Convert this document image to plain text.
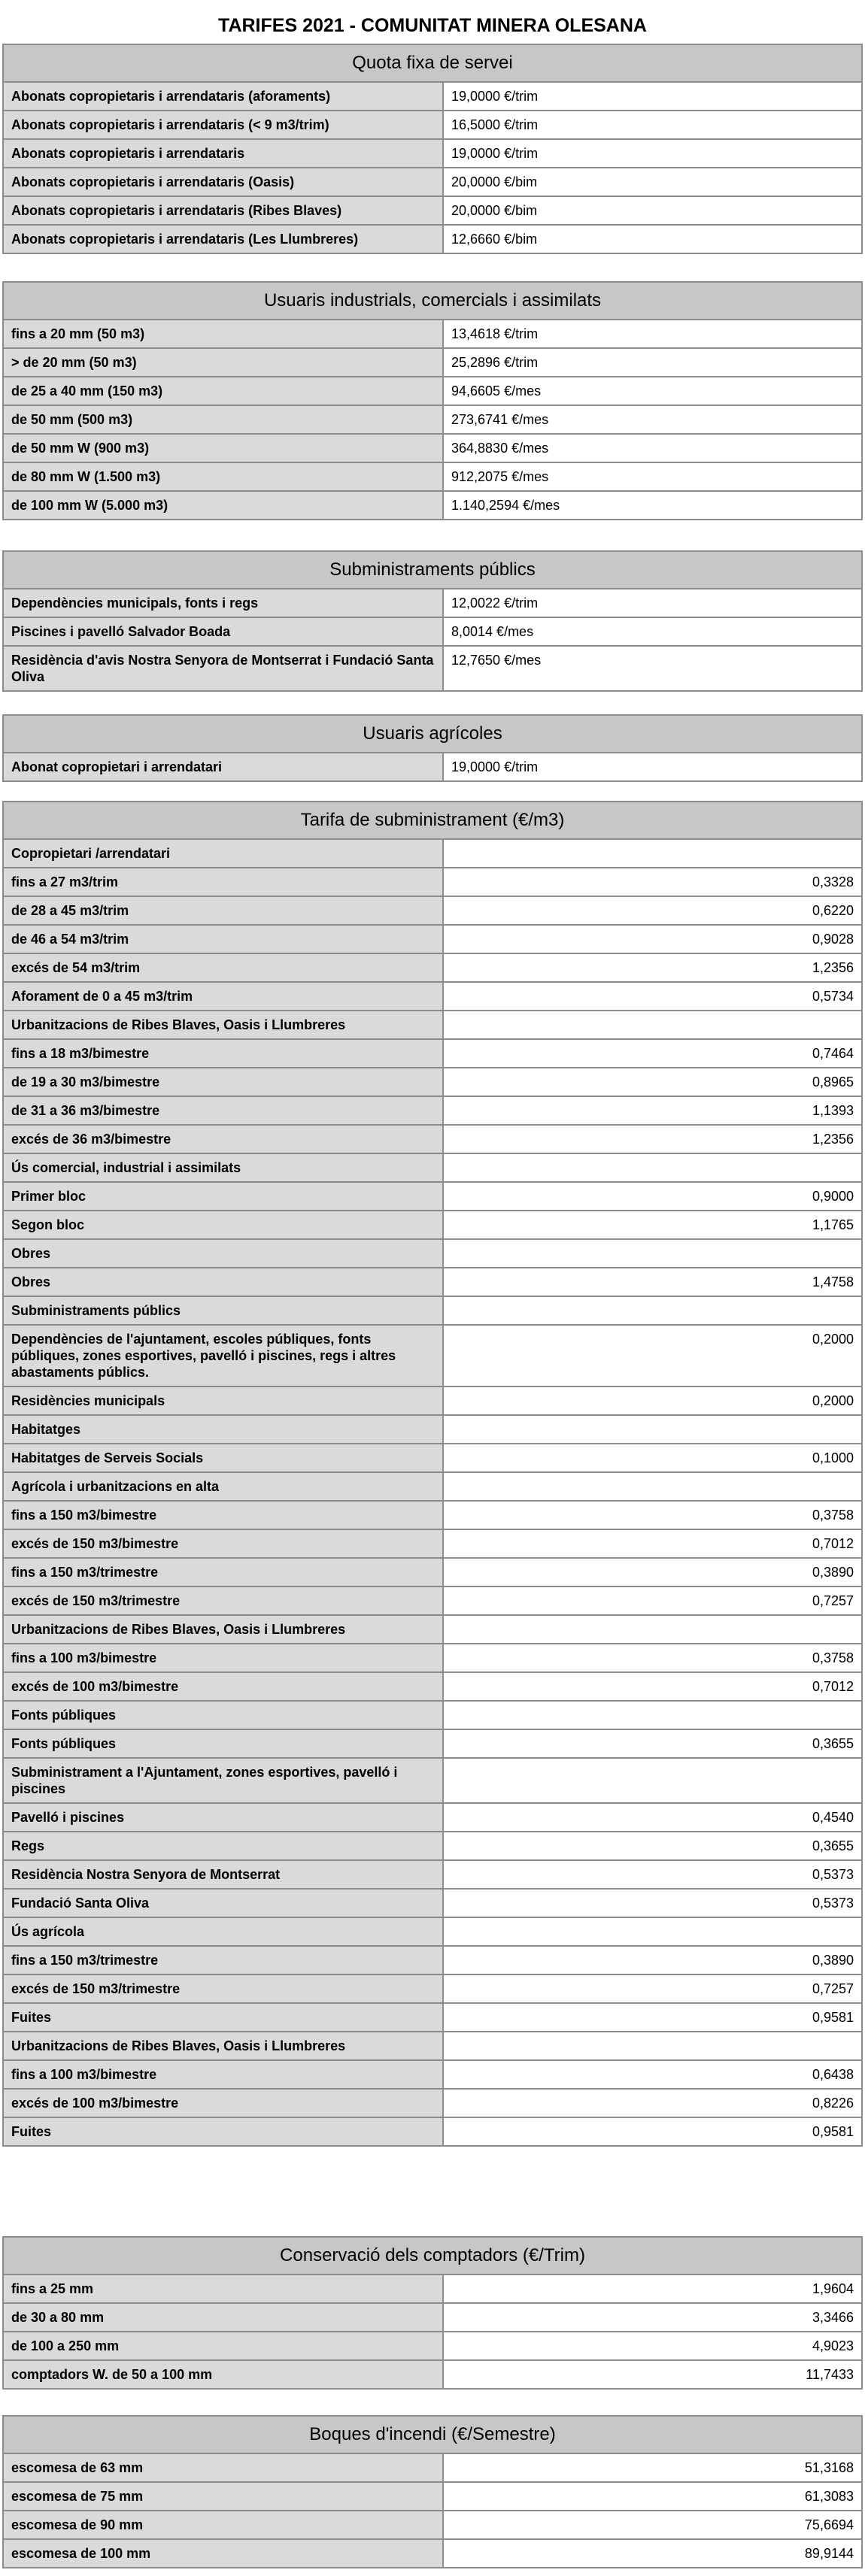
TARIFES 2021 - COMUNITAT MINERA OLESANA
Quota fixa de servei	
Abonats copropietaris i arrendataris (aforaments)	19,0000 €/trim
Abonats copropietaris i arrendataris (< 9 m3/trim)	16,5000 €/trim
Abonats copropietaris i arrendataris	19,0000 €/trim
Abonats copropietaris i arrendataris (Oasis)	20,0000 €/bim
Abonats copropietaris i arrendataris (Ribes Blaves)	20,0000 €/bim
Abonats copropietaris i arrendataris (Les Llumbreres)	12,6660 €/bim
Usuaris industrials, comercials i assimilats	
fins a 20 mm (50 m3)	13,4618 €/trim
> de 20 mm (50 m3)	25,2896 €/trim
de 25 a 40 mm (150 m3)	94,6605 €/mes
de 50 mm (500 m3)	273,6741 €/mes
de 50 mm W (900 m3)	364,8830 €/mes
de 80 mm W (1.500 m3)	912,2075 €/mes
de 100 mm W (5.000 m3)	1.140,2594 €/mes
Subministraments públics	
Dependències municipals, fonts i regs	12,0022 €/trim
Piscines i pavelló Salvador Boada	8,0014 €/mes
Residència d'avis Nostra Senyora de Montserrat i Fundació Santa Oliva	12,7650 €/mes
Usuaris agrícoles
Abonat copropietari i arrendatari	19,0000 €/trim
Tarifa de subministrament (€/m3)	
Copropietari /arrendatari	
fins a 27 m3/trim	0,3328
de 28 a 45 m3/trim	0,6220
de 46 a 54 m3/trim	0,9028
excés de 54 m3/trim	1,2356
Aforament de 0 a 45 m3/trim	0,5734
Urbanitzacions de Ribes Blaves, Oasis i Llumbreres	
fins a 18 m3/bimestre	0,7464
de 19 a 30 m3/bimestre	0,8965
de 31 a 36 m3/bimestre	1,1393
excés de 36 m3/bimestre	1,2356
Ús comercial, industrial i assimilats	
Primer bloc	0,9000
Segon bloc	1,1765
Obres	
Obres	1,4758
Subministraments públics	
Dependències de l'ajuntament, escoles públiques, fonts públiques, zones esportives, pavelló i piscines, regs i altres abastaments públics.	0,2000
Residències municipals	0,2000
Habitatges	
Habitatges de Serveis Socials	0,1000
Agrícola i urbanitzacions en alta	
fins a 150 m3/bimestre	0,3758
excés de 150 m3/bimestre	0,7012
fins a 150 m3/trimestre	0,3890
excés de 150 m3/trimestre	0,7257
Urbanitzacions de Ribes Blaves, Oasis i Llumbreres	
fins a 100 m3/bimestre	0,3758
excés de 100 m3/bimestre	0,7012
Fonts públiques	
Fonts públiques	0,3655
Subministrament a l'Ajuntament, zones esportives, pavelló i piscines	
Pavelló i piscines	0,4540
Regs	0,3655
Residència Nostra Senyora de Montserrat	0,5373
Fundació Santa Oliva	0,5373
Ús agrícola	
fins a 150 m3/trimestre	0,3890
excés de 150 m3/trimestre	0,7257
Fuites	0,9581
Urbanitzacions de Ribes Blaves, Oasis i Llumbreres	
fins a 100 m3/bimestre	0,6438
excés de 100 m3/bimestre	0,8226
Fuites	0,9581
Conservació dels comptadors (€/Trim)	
fins a 25 mm	1,9604
de 30 a 80 mm	3,3466
de 100 a 250 mm	4,9023
comptadors W. de 50 a 100 mm	11,7433
Boques d'incendi (€/Semestre)	
escomesa de 63 mm	51,3168
escomesa de 75 mm	61,3083
escomesa de 90 mm	75,6694
escomesa de 100 mm	89,9144
